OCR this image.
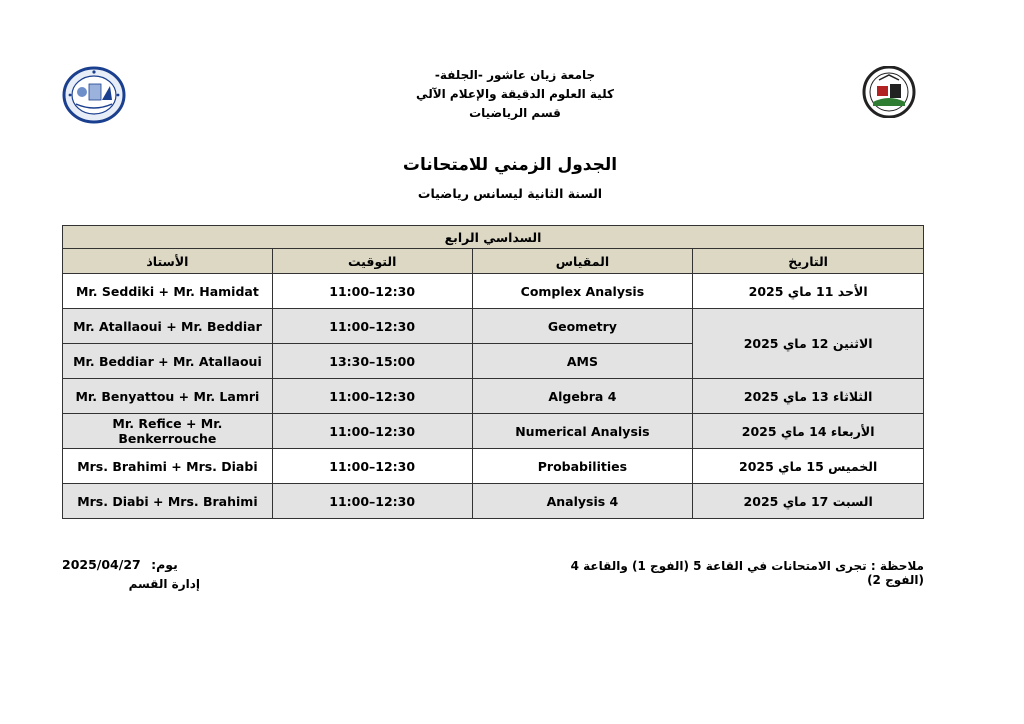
جامعة زيان عاشور -الجلفة-
كلية العلوم الدقيقة والإعلام الآلي
قسم الرياضيات
الجدول الزمني للامتحانات
السنة الثانية ليسانس رياضيات
السداسي الرابع			
الأستاذ	التوقيت	المقياس	التاريخ
Mr. Seddiki + Mr. Hamidat	11:00–12:30	Complex Analysis	الأحد 11 ماي 2025
Mr. Atallaoui + Mr. Beddiar	11:00–12:30	Geometry	الاثنين 12 ماي 2025
Mr. Beddiar + Mr. Atallaoui	13:30–15:00	AMS	
Mr. Benyattou + Mr. Lamri	11:00–12:30	Algebra 4	الثلاثاء 13 ماي 2025
Mr. Refice + Mr. Benkerrouche	11:00–12:30	Numerical Analysis	الأربعاء 14 ماي 2025
Mrs. Brahimi + Mrs. Diabi	11:00–12:30	Probabilities	الخميس 15 ماي 2025
Mrs. Diabi + Mrs. Brahimi	11:00–12:30	Analysis 4	السبت 17 ماي 2025
ملاحظة : تجرى الامتحانات في القاعة 5 (الفوج 1) والقاعة 4 (الفوج 2)
2025/04/27 يوم:
إدارة القسم
